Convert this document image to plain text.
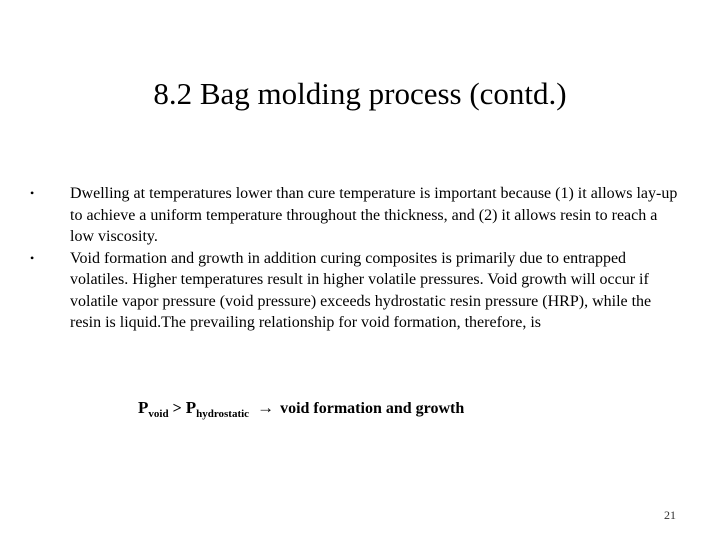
8.2 Bag molding process (contd.)
•	Dwelling at temperatures lower than cure temperature is important because (1) it allows lay-up to achieve a uniform temperature throughout the thickness, and (2) it allows resin to reach a low viscosity.
•	Void formation and growth in addition curing composites is primarily due to entrapped volatiles. Higher temperatures result in higher volatile pressures. Void growth will occur if volatile vapor pressure (void pressure) exceeds hydrostatic resin pressure (HRP), while the resin is liquid.The prevailing relationship for void formation, therefore, is
$P_{void} > P_{hydrostatic}$ → void formation and growth
21
